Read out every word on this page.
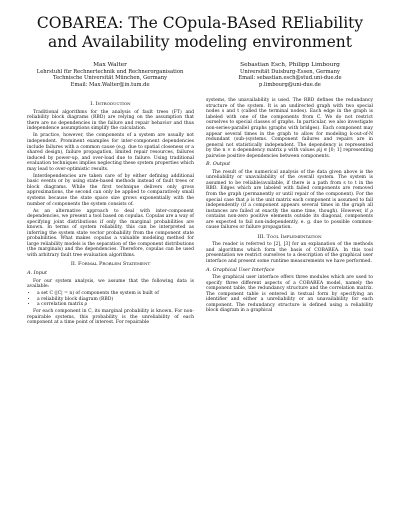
COBAREA: The COpula-BAsed REliability and Availability modeling environment
Max Walter
Lehrstuhl für Rechnertechnik und Rechnerorganisation
Technische Universität München, Germany
Email: Max.Walter@in.tum.de
Sebastian Esch, Philipp Limbourg
Universität Duisburg-Essen, Germany
Email: sebastian.esch@stud.uni-due.de
p.limbourg@uni-due.de
I. Introduction

Traditional algorithms for the analysis of fault trees (FT) and reliability block diagrams (RBD) are relying on the assumption that there are no dependencies in the failure and repair behavior and thus independence assumptions simplify the calculation.

In practice, however, the components of a system are usually not independent. Prominent examples for inter-component dependencies include failures with a common cause (e.g. due to spatial closeness or a shared design), failure propagation, limited repair resources, failures induced by power-up, and over-load due to failure. Using traditional evaluation techniques implies neglecting these system properties which may lead to over-optimistic results.

Interdependencies are taken care of by either defining additional basic events or by using state-based methods instead of fault trees or block diagrams. While the first technique delivers only gross approximations, the second can only be applied to comparatively small systems because the state space size grows exponentially with the number of components the system consists of.

As an alternative approach to deal with inter-component dependencies, we present a tool based on copulas. Copulas are a way of specifying joint distributions if only the marginal probabilities are known. In terms of system reliability, this can be interpreted as inferring the system state vector probability from the component state probabilities. What makes copulas a valuable modeling method for large reliability models is the separation of the component distributions (the marginals) and the dependencies. Therefore, copulas can be used with arbitrary fault tree evaluation algorithms.

II. Formal Problem Statement
A. Input

For our system analysis, we assume that the following data is available:

• a set C (|C| = n) of components the system is built of
• a reliability block diagram (RBD)
• a correlation matrix ρ

For each component in C, its marginal probability is known. For non-repairable systems, this probability is the unreliability of each component at a time point of interest. For repairable

systems, the unavailability is used. The RBD defines the redundancy structure of the system. It is an undirected graph with two special nodes s and t (called the terminal nodes). Each edge in the graph is labeled with one of the components from C. We do not restrict ourselves to special classes of graphs. In particular, we also investigate non-series-parallel graphs (graphs with bridges). Each component may appear several times in the graph to allow for modeling k-out-of-N redundant (sub-)systems. Component failures and repairs are in general not statistically independent. The dependency is represented by the n × n dependency matrix ρ with values ρij ∈ [0; 1] representing pairwise positive dependencies between components.

B. Output

The result of the numerical analysis of the data given above is the unreliability or unavailability of the overall system. The system is assumed to be reliable/available, if there is a path from s to t in the RBD. Edges which are labeled with failed components are removed from the graph (permanently or until repair of the component). For the special case that ρ is the unit matrix each component is assumed to fail independently (if a component appears several times in the graph all instances are failed at exactly the same time, though). However, if ρ contains non-zero positive elements outside its diagonal, components are expected to fail non-independently, e. g. due to possible common-cause failures or failure propagation.

III. Tool Implementation

The reader is referred to [2], [3] for an explanation of the methods and algorithms which form the basis of COBAREA. In this tool presentation we restrict ourselves to a description of the graphical user interface and present some runtime measurements we have performed.

A. Graphical User Interface

The graphical user interface offers three modules which are used to specify three different aspects of a COBAREA model, namely the component table, the redundancy structure and the correlation matrix. The component table is entered in textual form by specifying an identifier and either a unreliability or an unavailability for each component. The redundancy structure is defined using a reliability block diagram in a graphical
